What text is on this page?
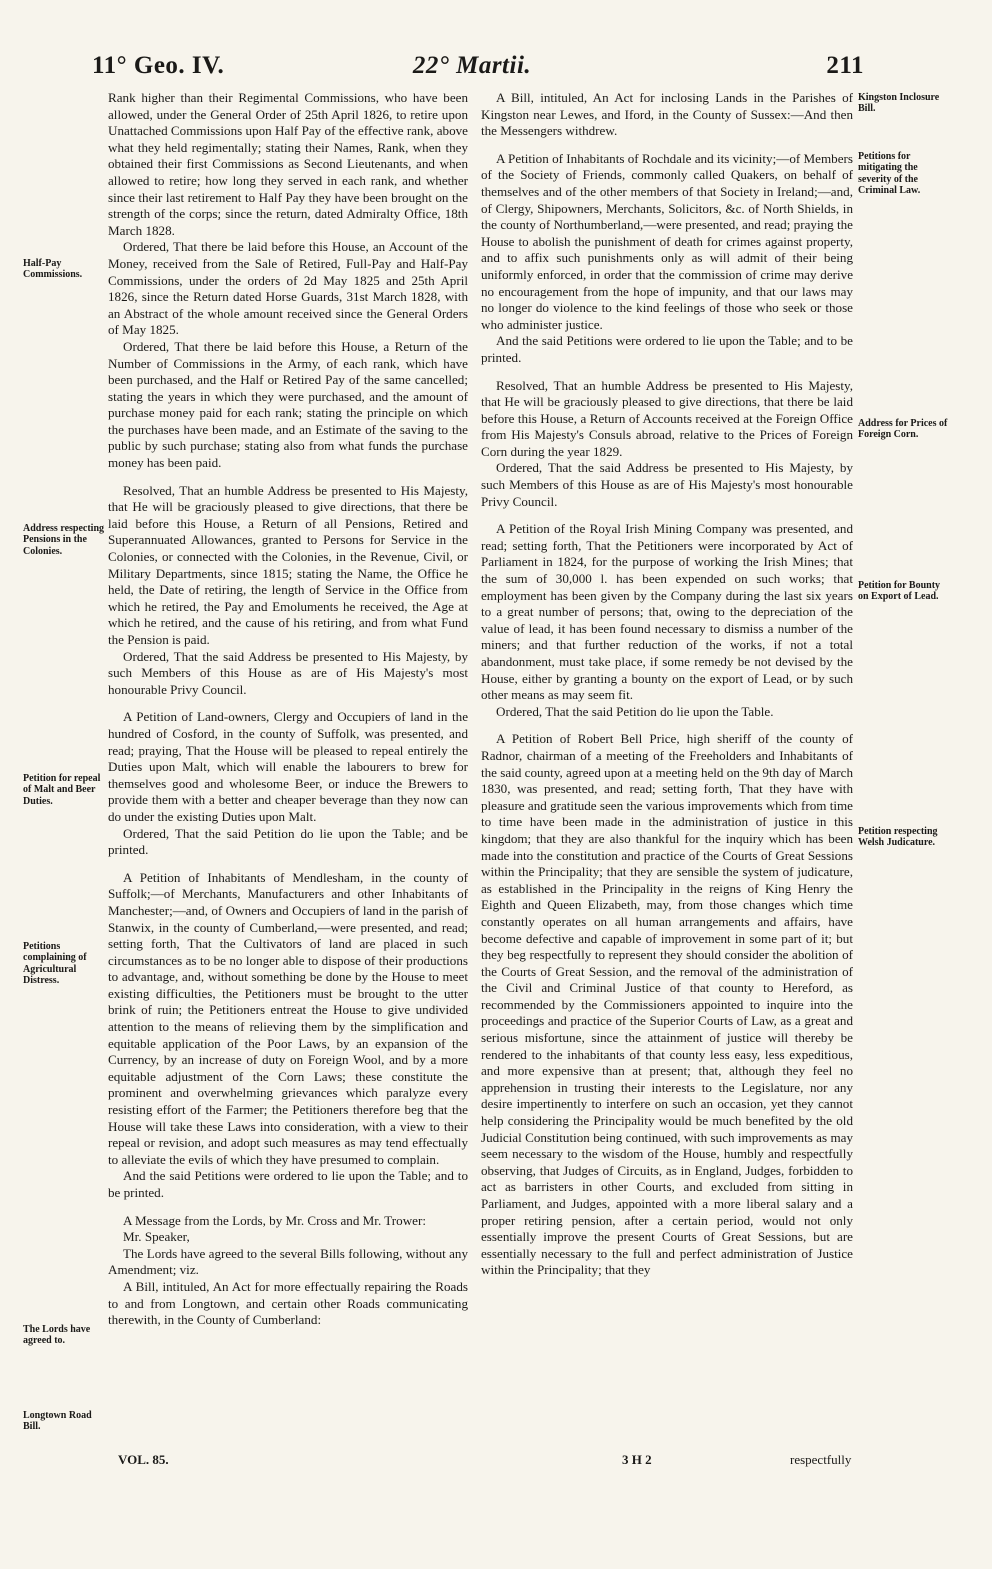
11° Geo. IV.	22° Martii.	211

Rank higher than their Regimental Commissions, who have been allowed, under the General Order of 25th April 1826, to retire upon Unattached Commissions upon Half Pay of the effective rank, above what they held regimentally; stating their Names, Rank, when they obtained their first Commissions as Second Lieutenants, and when allowed to retire; how long they served in each rank, and whether since their last retirement to Half Pay they have been brought on the strength of the corps; since the return, dated Admiralty Office, 18th March 1828.

Ordered, That there be laid before this House, an Account of the Money, received from the Sale of Retired, Full-Pay and Half-Pay Commissions, under the orders of 2d May 1825 and 25th April 1826, since the Return dated Horse Guards, 31st March 1828, with an Abstract of the whole amount received since the General Orders of May 1825.

Ordered, That there be laid before this House, a Return of the Number of Commissions in the Army, of each rank, which have been purchased, and the Half or Retired Pay of the same cancelled; stating the years in which they were purchased, and the amount of purchase money paid for each rank; stating the principle on which the purchases have been made, and an Estimate of the saving to the public by such purchase; stating also from what funds the purchase money has been paid.

Resolved, That an humble Address be presented to His Majesty, that He will be graciously pleased to give directions, that there be laid before this House, a Return of all Pensions, Retired and Superannuated Allowances, granted to Persons for Service in the Colonies, or connected with the Colonies, in the Revenue, Civil, or Military Departments, since 1815; stating the Name, the Office he held, the Date of retiring, the length of Service in the Office from which he retired, the Pay and Emoluments he received, the Age at which he retired, and the cause of his retiring, and from what Fund the Pension is paid.

Ordered, That the said Address be presented to His Majesty, by such Members of this House as are of His Majesty's most honourable Privy Council.

A Petition of Land-owners, Clergy and Occupiers of land in the hundred of Cosford, in the county of Suffolk, was presented, and read; praying, That the House will be pleased to repeal entirely the Duties upon Malt, which will enable the labourers to brew for themselves good and wholesome Beer, or induce the Brewers to provide them with a better and cheaper beverage than they now can do under the existing Duties upon Malt.

Ordered, That the said Petition do lie upon the Table; and be printed.

A Petition of Inhabitants of Mendlesham, in the county of Suffolk;—of Merchants, Manufacturers and other Inhabitants of Manchester;—and, of Owners and Occupiers of land in the parish of Stanwix, in the county of Cumberland,—were presented, and read; setting forth, That the Cultivators of land are placed in such circumstances as to be no longer able to dispose of their productions to advantage, and, without something be done by the House to meet existing difficulties, the Petitioners must be brought to the utter brink of ruin; the Petitioners entreat the House to give undivided attention to the means of relieving them by the simplification and equitable application of the Poor Laws, by an expansion of the Currency, by an increase of duty on Foreign Wool, and by a more equitable adjustment of the Corn Laws; these constitute the prominent and overwhelming grievances which paralyze every resisting effort of the Farmer; the Petitioners therefore beg that the House will take these Laws into consideration, with a view to their repeal or revision, and adopt such measures as may tend effectually to alleviate the evils of which they have presumed to complain.

And the said Petitions were ordered to lie upon the Table; and to be printed.

A Message from the Lords, by Mr. Cross and Mr. Trower:

Mr. Speaker,

The Lords have agreed to the several Bills following, without any Amendment; viz.

A Bill, intituled, An Act for more effectually repairing the Roads to and from Longtown, and certain other Roads communicating therewith, in the County of Cumberland:

A Bill, intituled, An Act for inclosing Lands in the Parishes of Kingston near Lewes, and Iford, in the County of Sussex:—And then the Messengers withdrew.

A Petition of Inhabitants of Rochdale and its vicinity;—of Members of the Society of Friends, commonly called Quakers, on behalf of themselves and of the other members of that Society in Ireland;—and, of Clergy, Shipowners, Merchants, Solicitors, &c. of North Shields, in the county of Northumberland,—were presented, and read; praying the House to abolish the punishment of death for crimes against property, and to affix such punishments only as will admit of their being uniformly enforced, in order that the commission of crime may derive no encouragement from the hope of impunity, and that our laws may no longer do violence to the kind feelings of those who seek or those who administer justice.

And the said Petitions were ordered to lie upon the Table; and to be printed.

Resolved, That an humble Address be presented to His Majesty, that He will be graciously pleased to give directions, that there be laid before this House, a Return of Accounts received at the Foreign Office from His Majesty's Consuls abroad, relative to the Prices of Foreign Corn during the year 1829.

Ordered, That the said Address be presented to His Majesty, by such Members of this House as are of His Majesty's most honourable Privy Council.

A Petition of the Royal Irish Mining Company was presented, and read; setting forth, That the Petitioners were incorporated by Act of Parliament in 1824, for the purpose of working the Irish Mines; that the sum of 30,000 l. has been expended on such works; that employment has been given by the Company during the last six years to a great number of persons; that, owing to the depreciation of the value of lead, it has been found necessary to dismiss a number of the miners; and that further reduction of the works, if not a total abandonment, must take place, if some remedy be not devised by the House, either by granting a bounty on the export of Lead, or by such other means as may seem fit.

Ordered, That the said Petition do lie upon the Table.

A Petition of Robert Bell Price, high sheriff of the county of Radnor, chairman of a meeting of the Freeholders and Inhabitants of the said county, agreed upon at a meeting held on the 9th day of March 1830, was presented, and read; setting forth, That they have with pleasure and gratitude seen the various improvements which from time to time have been made in the administration of justice in this kingdom; that they are also thankful for the inquiry which has been made into the constitution and practice of the Courts of Great Sessions within the Principality; that they are sensible the system of judicature, as established in the Principality in the reigns of King Henry the Eighth and Queen Elizabeth, may, from those changes which time constantly operates on all human arrangements and affairs, have become defective and capable of improvement in some part of it; but they beg respectfully to represent they should consider the abolition of the Courts of Great Session, and the removal of the administration of the Civil and Criminal Justice of that county to Hereford, as recommended by the Commissioners appointed to inquire into the proceedings and practice of the Superior Courts of Law, as a great and serious misfortune, since the attainment of justice will thereby be rendered to the inhabitants of that county less easy, less expeditious, and more expensive than at present; that, although they feel no apprehension in trusting their interests to the Legislature, nor any desire impertinently to interfere on such an occasion, yet they cannot help considering the Principality would be much benefited by the old Judicial Constitution being continued, with such improvements as may seem necessary to the wisdom of the House, humbly and respectfully observing, that Judges of Circuits, as in England, Judges, forbidden to act as barristers in other Courts, and excluded from sitting in Parliament, and Judges, appointed with a more liberal salary and a proper retiring pension, after a certain period, would not only essentially improve the present Courts of Great Sessions, but are essentially necessary to the full and perfect administration of Justice within the Principality; that they

Half-Pay Commissions.
Address respecting Pensions in the Colonies.
Petition for repeal of Malt and Beer Duties.
Petitions complaining of Agricultural Distress.
The Lords have agreed to.
Longtown Road Bill.
Kingston Inclosure Bill.
Petitions for mitigating the severity of the Criminal Law.
Address for Prices of Foreign Corn.
Petition for Bounty on Export of Lead.
Petition respecting Welsh Judicature.
VOL. 85.	3 H 2	respectfully
